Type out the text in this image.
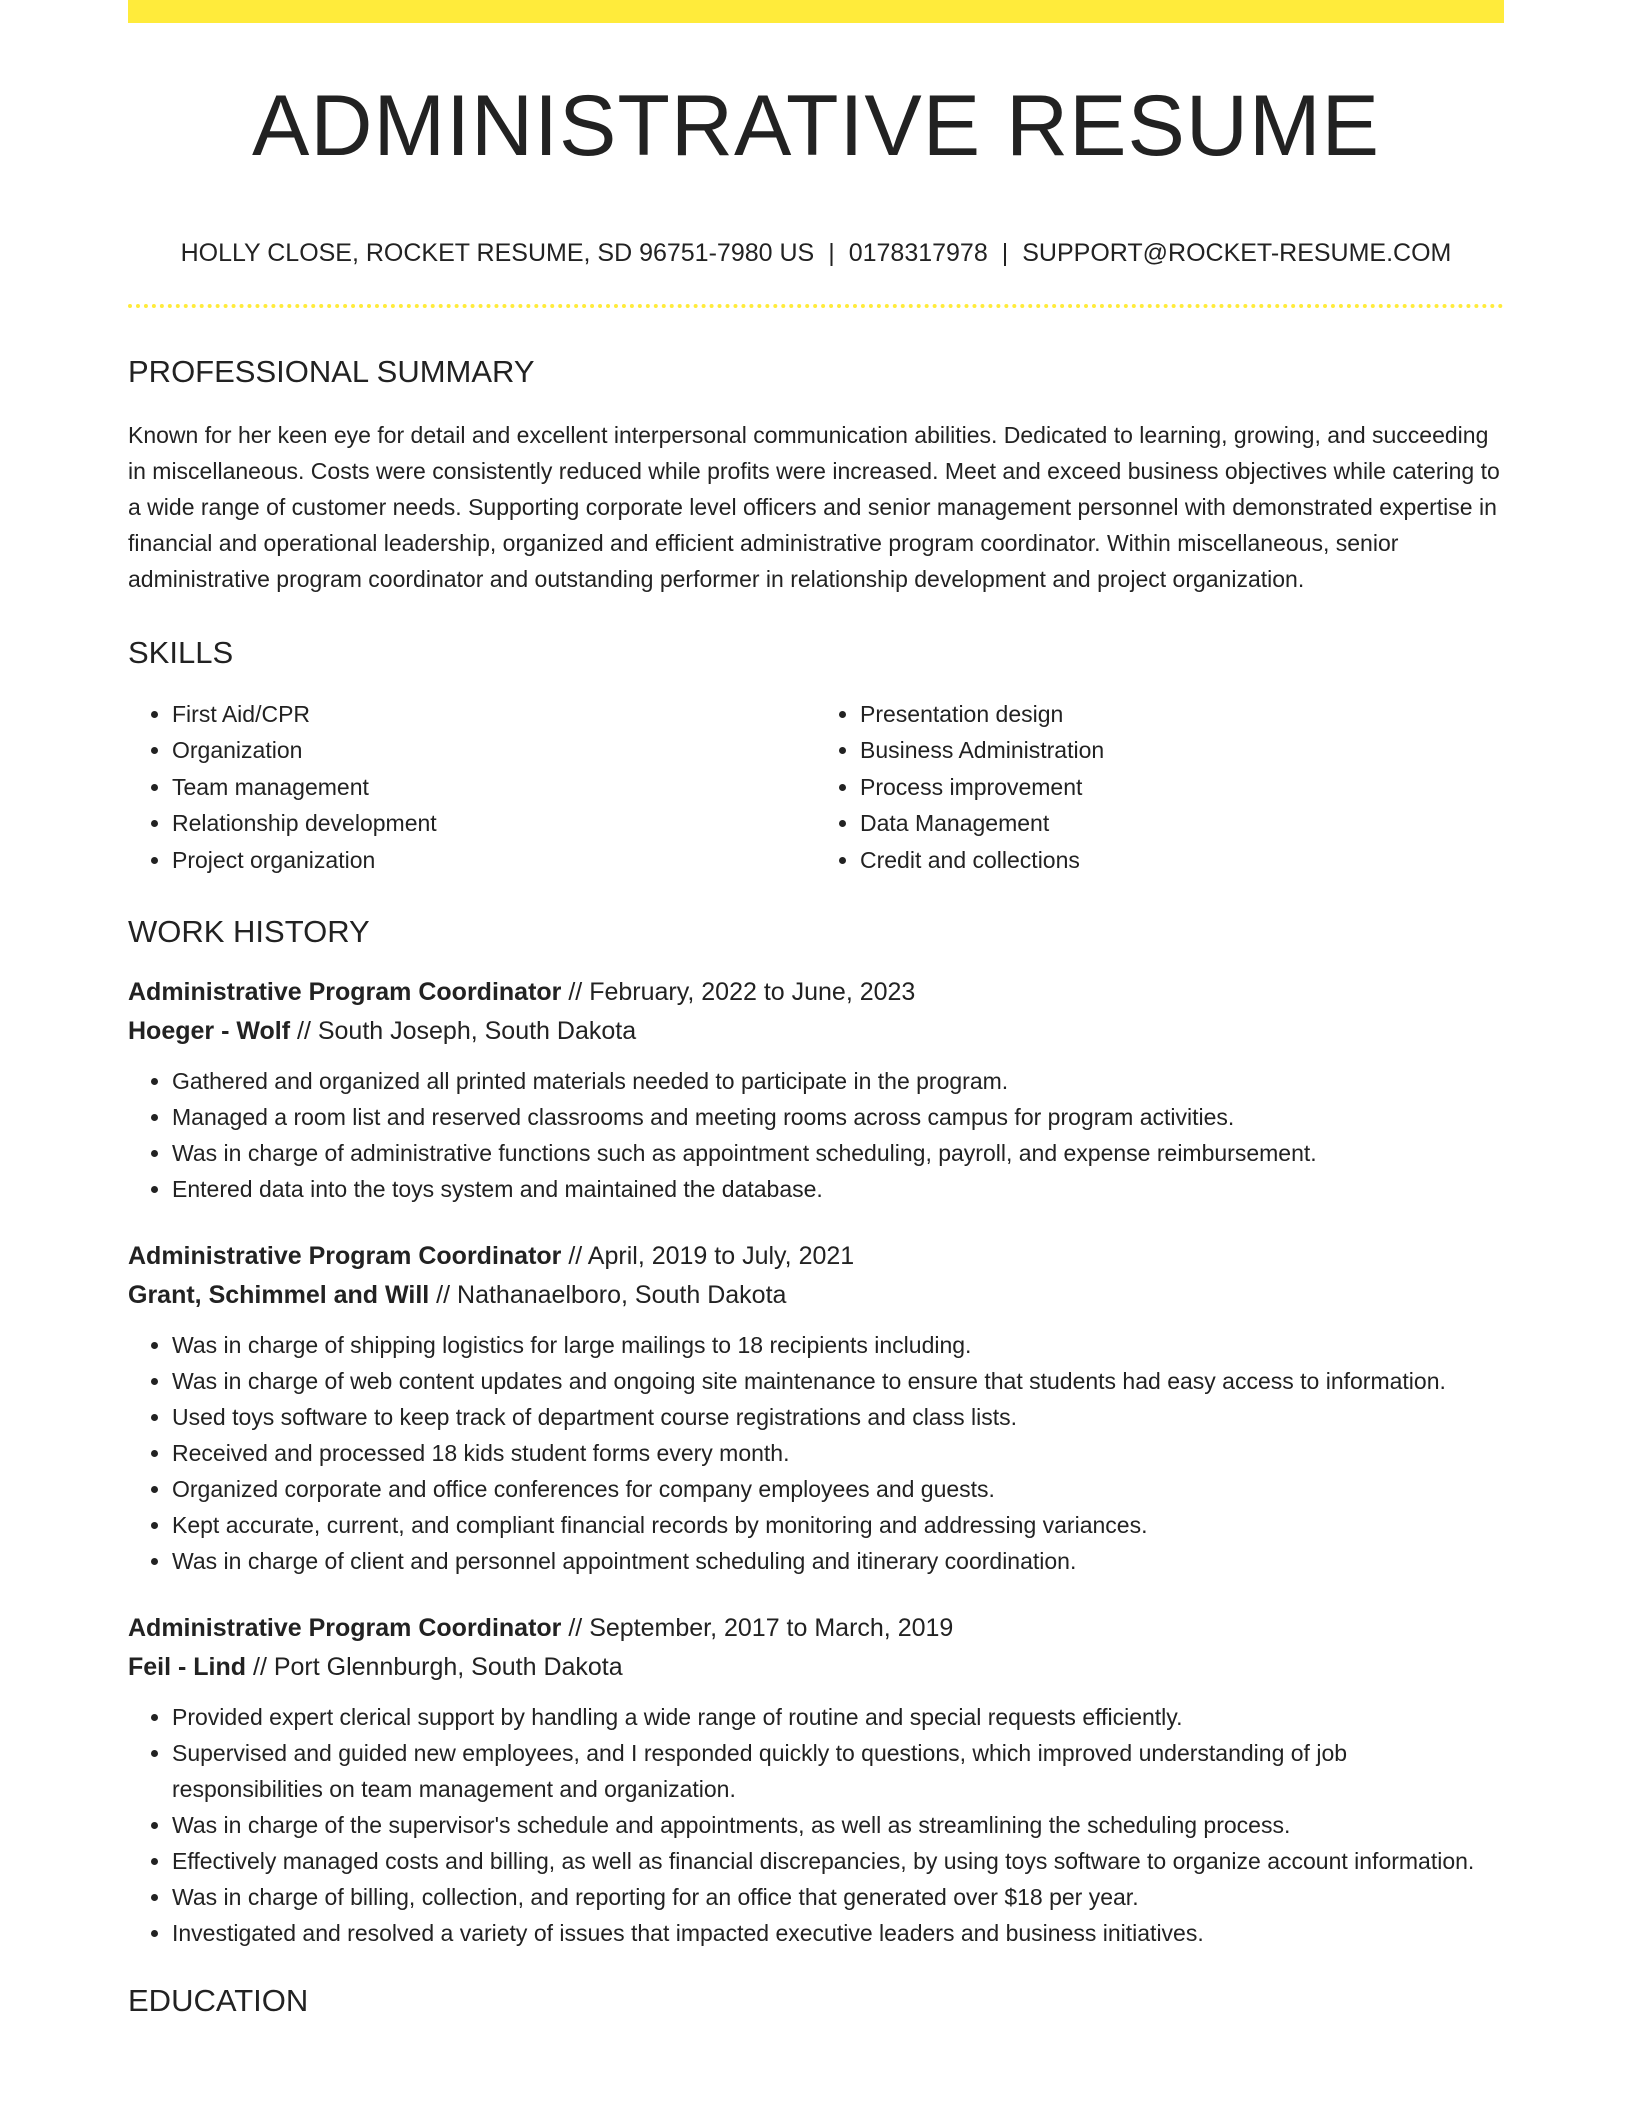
ADMINISTRATIVE RESUME
HOLLY CLOSE, ROCKET RESUME, SD 96751-7980 US | 0178317978 | SUPPORT@ROCKET-RESUME.COM
PROFESSIONAL SUMMARY

Known for her keen eye for detail and excellent interpersonal communication abilities. Dedicated to learning, growing, and succeeding in miscellaneous. Costs were consistently reduced while profits were increased. Meet and exceed business objectives while catering to a wide range of customer needs. Supporting corporate level officers and senior management personnel with demonstrated expertise in financial and operational leadership, organized and efficient administrative program coordinator. Within miscellaneous, senior administrative program coordinator and outstanding performer in relationship development and project organization.

SKILLS
• First Aid/CPR
• Organization
• Team management
• Relationship development
• Project organization
• Presentation design
• Business Administration
• Process improvement
• Data Management
• Credit and collections
WORK HISTORY

Administrative Program Coordinator // February, 2022 to June, 2023

Hoeger - Wolf // South Joseph, South Dakota

• Gathered and organized all printed materials needed to participate in the program.
• Managed a room list and reserved classrooms and meeting rooms across campus for program activities.
• Was in charge of administrative functions such as appointment scheduling, payroll, and expense reimbursement.
• Entered data into the toys system and maintained the database.

Administrative Program Coordinator // April, 2019 to July, 2021

Grant, Schimmel and Will // Nathanaelboro, South Dakota

• Was in charge of shipping logistics for large mailings to 18 recipients including.
• Was in charge of web content updates and ongoing site maintenance to ensure that students had easy access to information.
• Used toys software to keep track of department course registrations and class lists.
• Received and processed 18 kids student forms every month.
• Organized corporate and office conferences for company employees and guests.
• Kept accurate, current, and compliant financial records by monitoring and addressing variances.
• Was in charge of client and personnel appointment scheduling and itinerary coordination.

Administrative Program Coordinator // September, 2017 to March, 2019

Feil - Lind // Port Glennburgh, South Dakota

• Provided expert clerical support by handling a wide range of routine and special requests efficiently.
• Supervised and guided new employees, and I responded quickly to questions, which improved understanding of job responsibilities on team management and organization.
• Was in charge of the supervisor's schedule and appointments, as well as streamlining the scheduling process.
• Effectively managed costs and billing, as well as financial discrepancies, by using toys software to organize account information.
• Was in charge of billing, collection, and reporting for an office that generated over $18 per year.
• Investigated and resolved a variety of issues that impacted executive leaders and business initiatives.
EDUCATION
